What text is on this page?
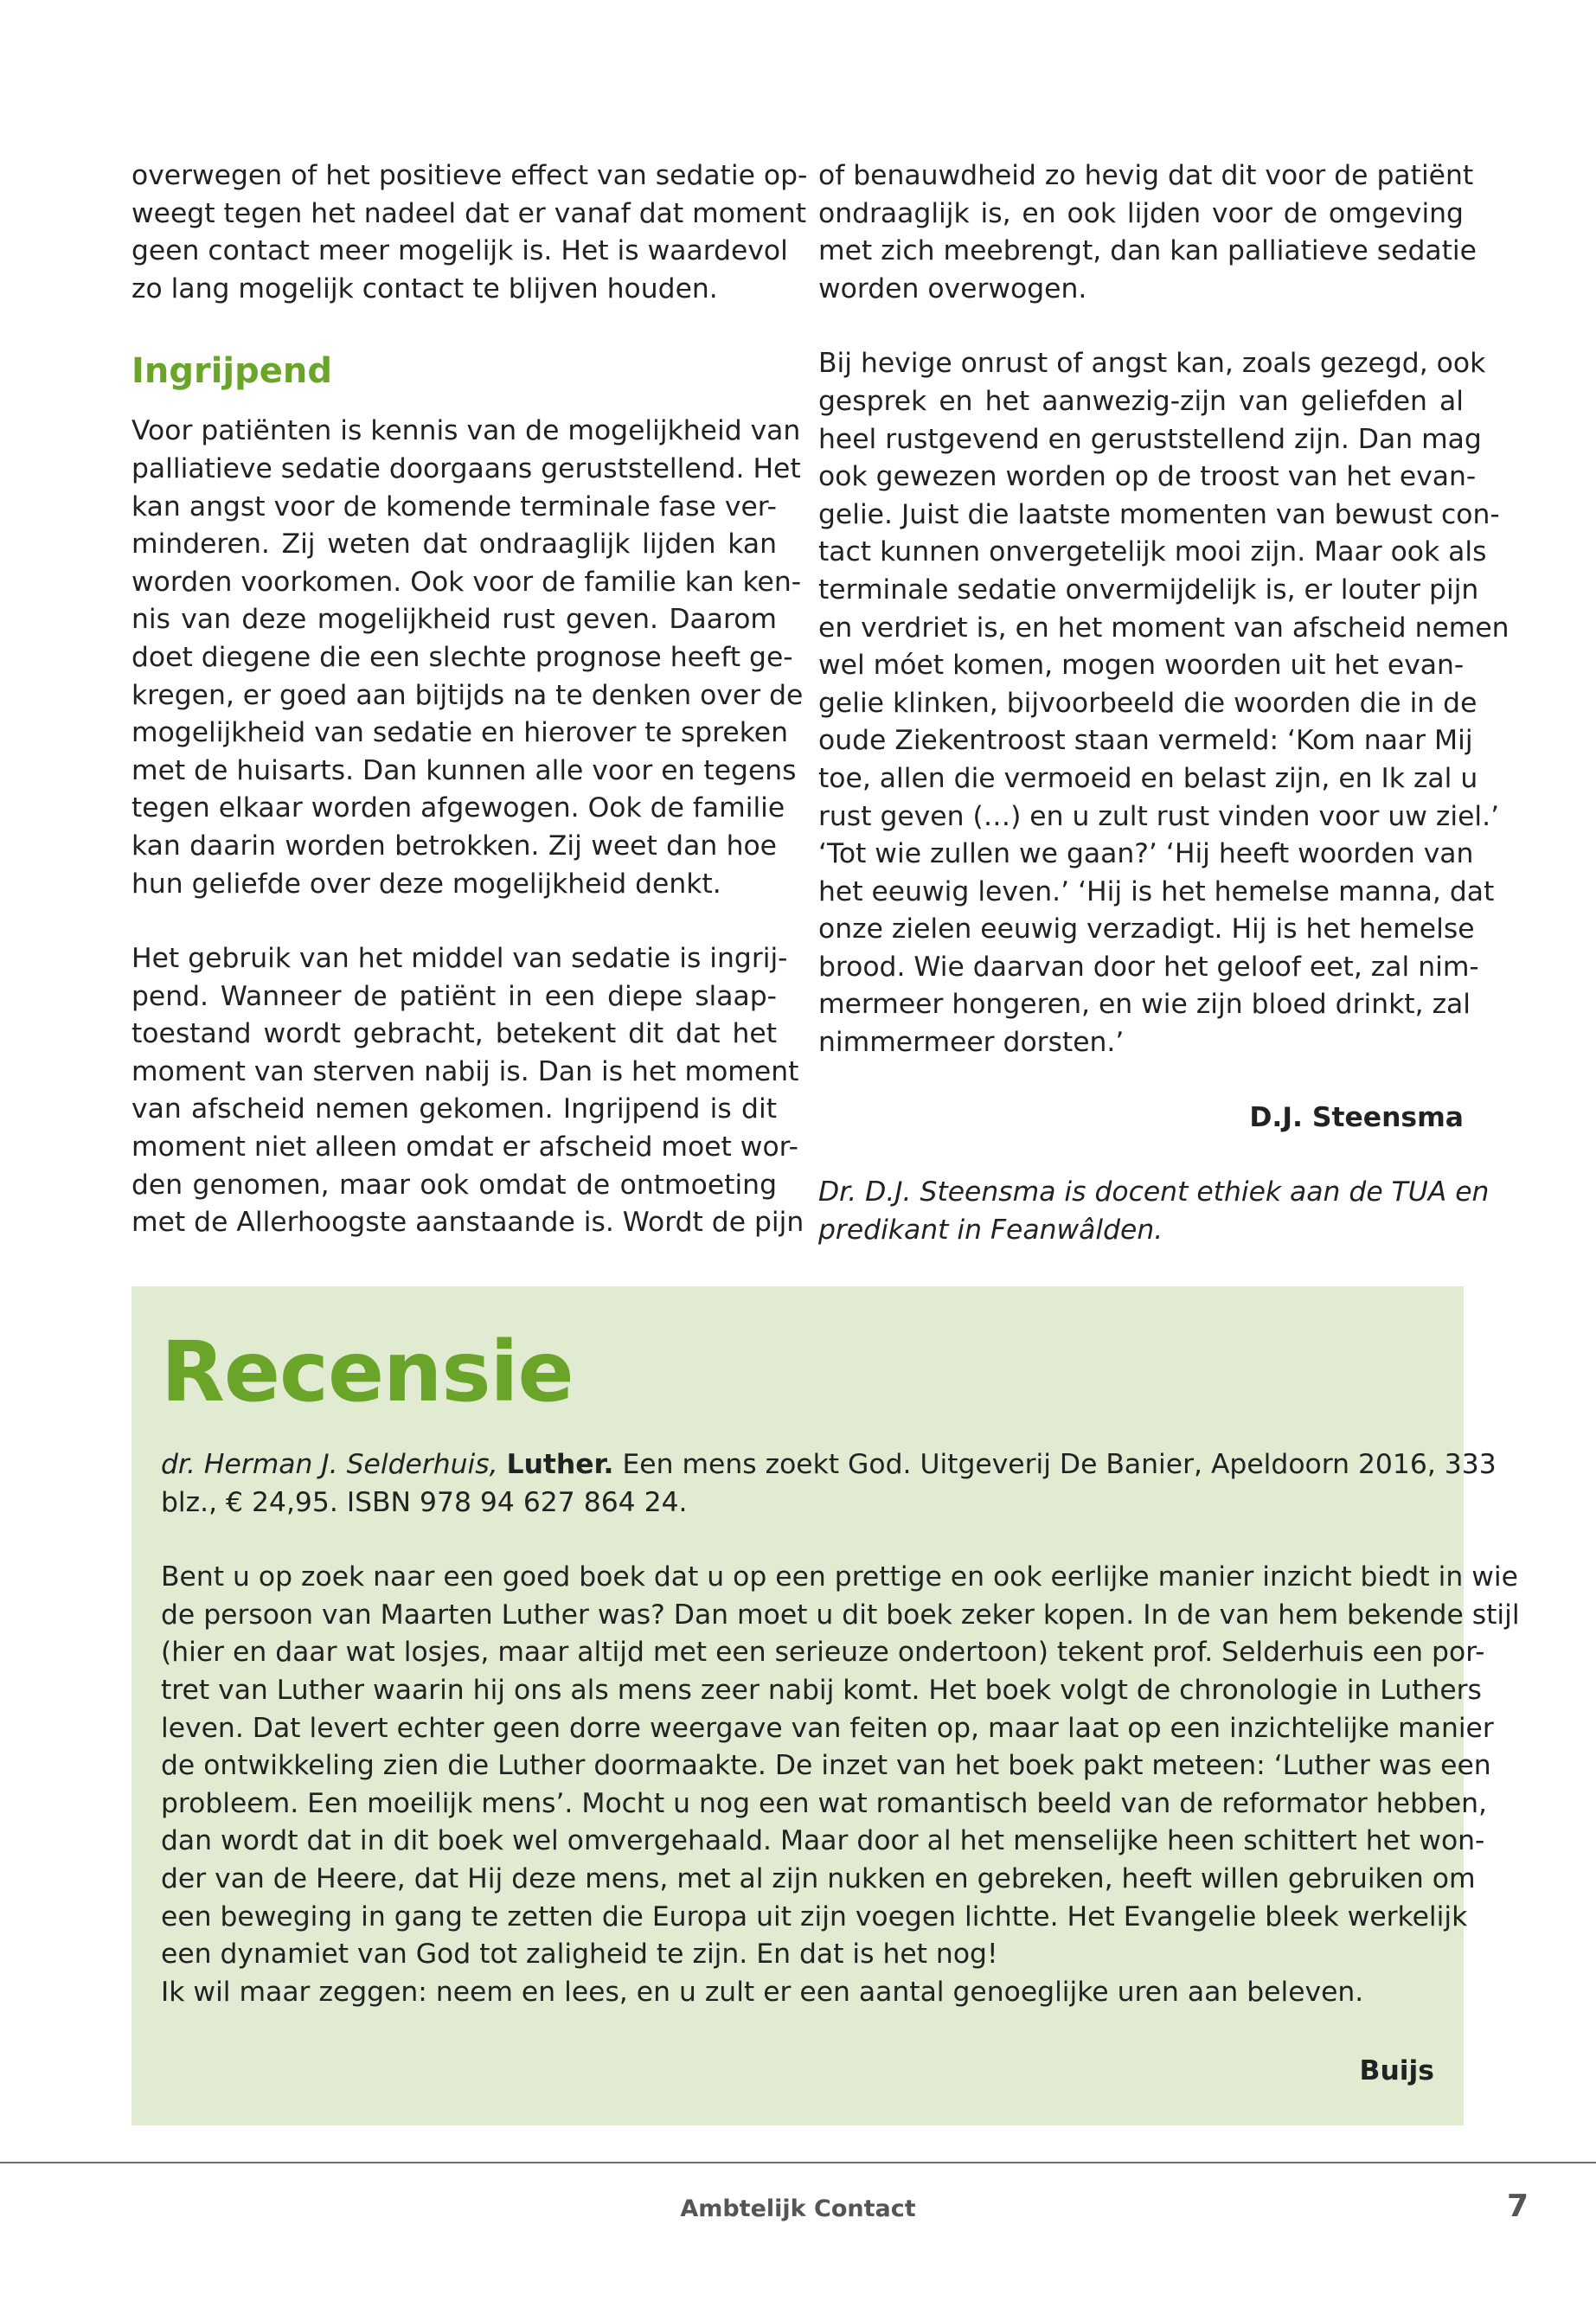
overwegen of het positieve effect van sedatie op-
weegt tegen het nadeel dat er vanaf dat moment
geen contact meer mogelijk is. Het is waardevol
zo lang mogelijk contact te blijven houden.
Ingrijpend
Voor patiënten is kennis van de mogelijkheid van
palliatieve sedatie doorgaans geruststellend. Het
kan angst voor de komende terminale fase ver-
minderen. Zij weten dat ondraaglijk lijden kan
worden voorkomen. Ook voor de familie kan ken-
nis van deze mogelijkheid rust geven. Daarom
doet diegene die een slechte prognose heeft ge-
kregen, er goed aan bijtijds na te denken over de
mogelijkheid van sedatie en hierover te spreken
met de huisarts. Dan kunnen alle voor en tegens
tegen elkaar worden afgewogen. Ook de familie
kan daarin worden betrokken. Zij weet dan hoe
hun geliefde over deze mogelijkheid denkt.
Het gebruik van het middel van sedatie is ingrij-
pend. Wanneer de patiënt in een diepe slaap-
toestand wordt gebracht, betekent dit dat het
moment van sterven nabij is. Dan is het moment
van afscheid nemen gekomen. Ingrijpend is dit
moment niet alleen omdat er afscheid moet wor-
den genomen, maar ook omdat de ontmoeting
met de Allerhoogste aanstaande is. Wordt de pijn
of benauwdheid zo hevig dat dit voor de patiënt
ondraaglijk is, en ook lijden voor de omgeving
met zich meebrengt, dan kan palliatieve sedatie
worden overwogen.
Bij hevige onrust of angst kan, zoals gezegd, ook
gesprek en het aanwezig-zijn van geliefden al
heel rustgevend en geruststellend zijn. Dan mag
ook gewezen worden op de troost van het evan-
gelie. Juist die laatste momenten van bewust con-
tact kunnen onvergetelijk mooi zijn. Maar ook als
terminale sedatie onvermijdelijk is, er louter pijn
en verdriet is, en het moment van afscheid nemen
wel móet komen, mogen woorden uit het evan-
gelie klinken, bijvoorbeeld die woorden die in de
oude Ziekentroost staan vermeld: ‘Kom naar Mij
toe, allen die vermoeid en belast zijn, en Ik zal u
rust geven (…) en u zult rust vinden voor uw ziel.’
‘Tot wie zullen we gaan?’ ‘Hij heeft woorden van
het eeuwig leven.’ ‘Hij is het hemelse manna, dat
onze zielen eeuwig verzadigt. Hij is het hemelse
brood. Wie daarvan door het geloof eet, zal nim-
mermeer hongeren, en wie zijn bloed drinkt, zal
nimmermeer dorsten.’
D.J. Steensma
Dr. D.J. Steensma is docent ethiek aan de TUA en
predikant in Feanwâlden.
Recensie
dr. Herman J. Selderhuis, Luther. Een mens zoekt God. Uitgeverij De Banier, Apeldoorn 2016, 333
blz., € 24,95. ISBN 978 94 627 864 24.
Bent u op zoek naar een goed boek dat u op een prettige en ook eerlijke manier inzicht biedt in wie
de persoon van Maarten Luther was? Dan moet u dit boek zeker kopen. In de van hem bekende stijl
(hier en daar wat losjes, maar altijd met een serieuze ondertoon) tekent prof. Selderhuis een por-
tret van Luther waarin hij ons als mens zeer nabij komt. Het boek volgt de chronologie in Luthers
leven. Dat levert echter geen dorre weergave van feiten op, maar laat op een inzichtelijke manier
de ontwikkeling zien die Luther doormaakte. De inzet van het boek pakt meteen: ‘Luther was een
probleem. Een moeilijk mens’. Mocht u nog een wat romantisch beeld van de reformator hebben,
dan wordt dat in dit boek wel omvergehaald. Maar door al het menselijke heen schittert het won-
der van de Heere, dat Hij deze mens, met al zijn nukken en gebreken, heeft willen gebruiken om
een beweging in gang te zetten die Europa uit zijn voegen lichtte. Het Evangelie bleek werkelijk
een dynamiet van God tot zaligheid te zijn. En dat is het nog!
Ik wil maar zeggen: neem en lees, en u zult er een aantal genoeglijke uren aan beleven.
Buijs
Ambtelijk Contact	7
